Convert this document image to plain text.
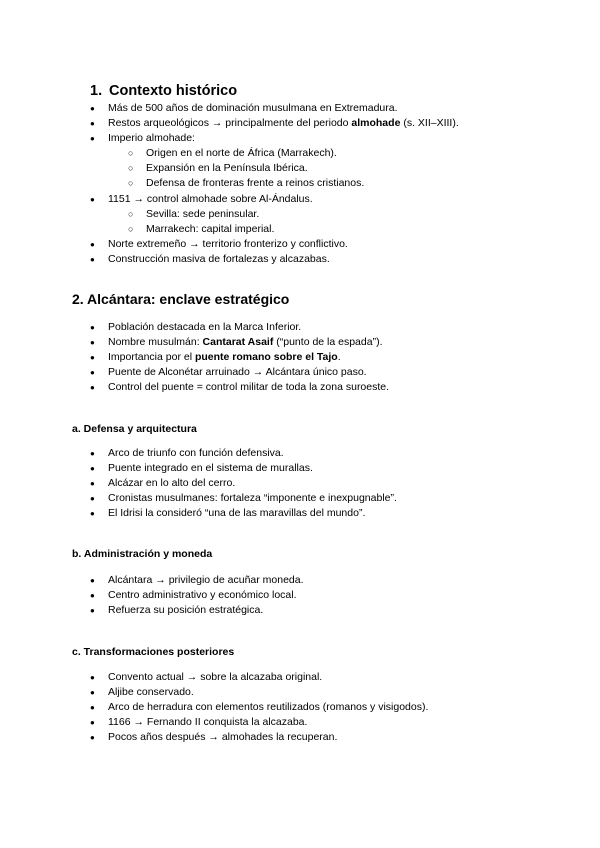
1. Contexto histórico
● Más de 500 años de dominación musulmana en Extremadura.
● Restos arqueológicos → principalmente del periodo almohade (s. XII–XIII).
● Imperio almohade:
○ Origen en el norte de África (Marrakech).
○ Expansión en la Península Ibérica.
○ Defensa de fronteras frente a reinos cristianos.
● 1151 → control almohade sobre Al-Ándalus.
○ Sevilla: sede peninsular.
○ Marrakech: capital imperial.
● Norte extremeño → territorio fronterizo y conflictivo.
● Construcción masiva de fortalezas y alcazabas.
2. Alcántara: enclave estratégico
● Población destacada en la Marca Inferior.
● Nombre musulmán: Cantarat Asaif (“punto de la espada”).
● Importancia por el puente romano sobre el Tajo.
● Puente de Alconétar arruinado → Alcántara único paso.
● Control del puente = control militar de toda la zona suroeste.
a. Defensa y arquitectura
● Arco de triunfo con función defensiva.
● Puente integrado en el sistema de murallas.
● Alcázar en lo alto del cerro.
● Cronistas musulmanes: fortaleza “imponente e inexpugnable”.
● El Idrisi la consideró “una de las maravillas del mundo”.
b. Administración y moneda
● Alcántara → privilegio de acuñar moneda.
● Centro administrativo y económico local.
● Refuerza su posición estratégica.
c. Transformaciones posteriores
● Convento actual → sobre la alcazaba original.
● Aljibe conservado.
● Arco de herradura con elementos reutilizados (romanos y visigodos).
● 1166 → Fernando II conquista la alcazaba.
● Pocos años después → almohades la recuperan.
